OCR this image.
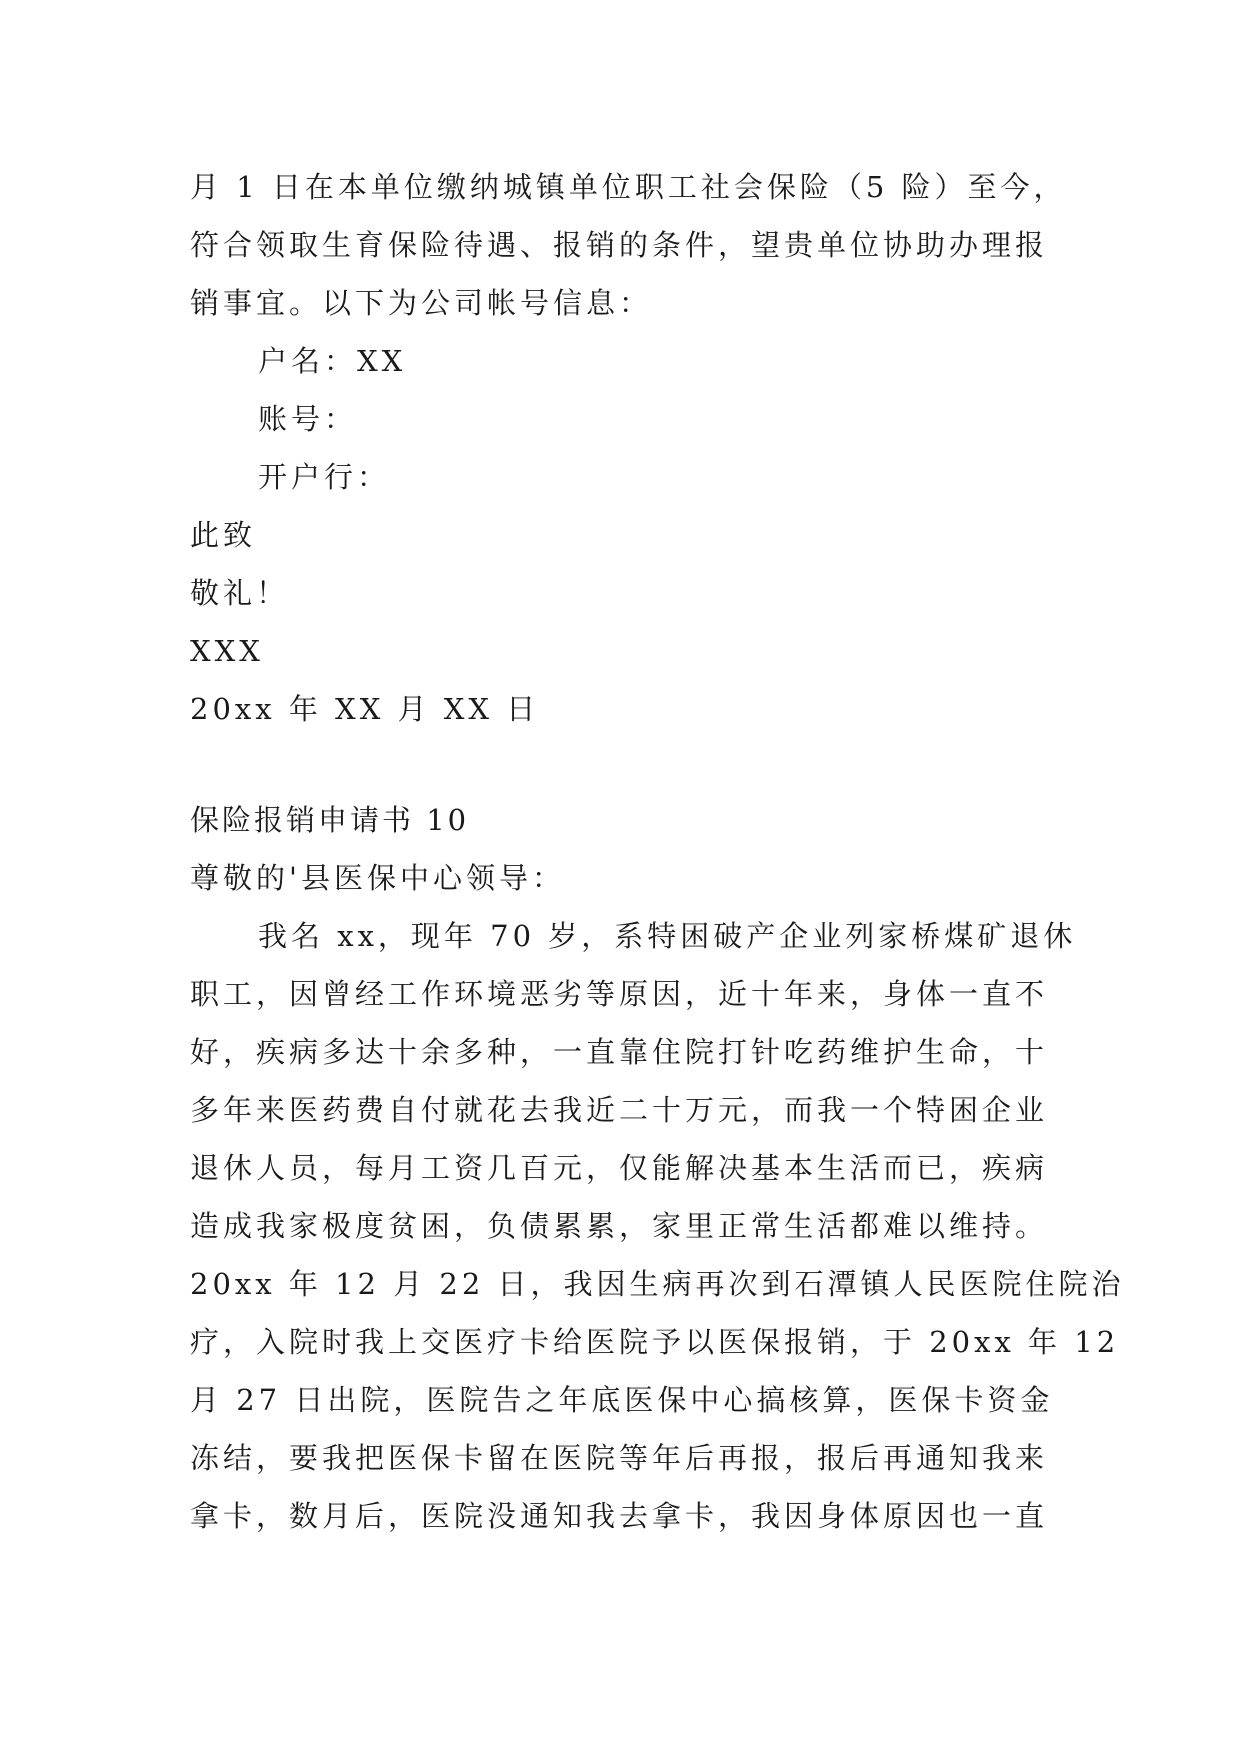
月 1 日在本单位缴纳城镇单位职工社会保险（5 险）至今，
符合领取生育保险待遇、报销的条件，望贵单位协助办理报
销事宜。以下为公司帐号信息：
户名：XX
账号：
开户行：
此致
敬礼！
XXX
20xx 年 XX 月 XX 日
保险报销申请书 10
尊敬的'县医保中心领导：
我名 xx，现年 70 岁，系特困破产企业列家桥煤矿退休
职工，因曾经工作环境恶劣等原因，近十年来，身体一直不
好，疾病多达十余多种，一直靠住院打针吃药维护生命，十
多年来医药费自付就花去我近二十万元，而我一个特困企业
退休人员，每月工资几百元，仅能解决基本生活而已，疾病
造成我家极度贫困，负债累累，家里正常生活都难以维持。
20xx 年 12 月 22 日，我因生病再次到石潭镇人民医院住院治
疗，入院时我上交医疗卡给医院予以医保报销，于 20xx 年 12
月 27 日出院，医院告之年底医保中心搞核算，医保卡资金
冻结，要我把医保卡留在医院等年后再报，报后再通知我来
拿卡，数月后，医院没通知我去拿卡，我因身体原因也一直
